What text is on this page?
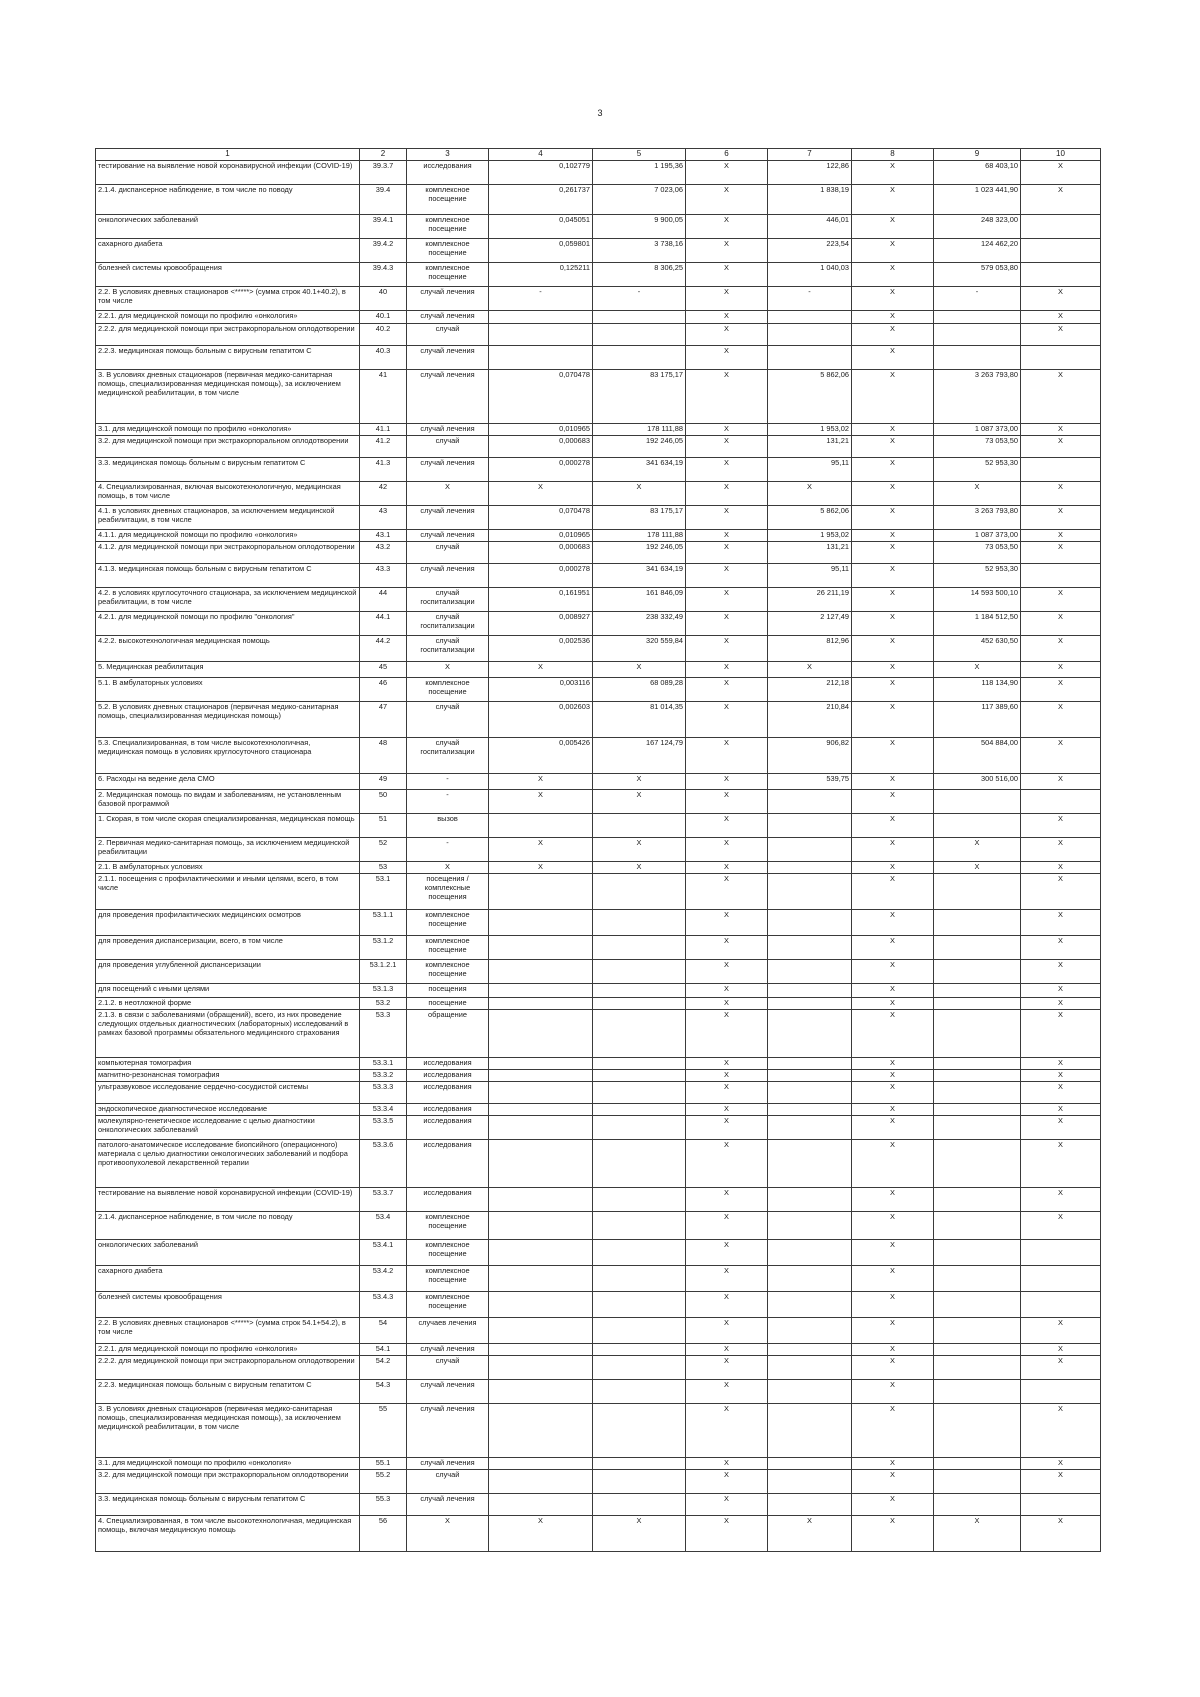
3
1	2	3	4	5	6	7	8	9	10
тестирование на выявление новой коронавирусной инфекции (COVID-19)	39.3.7	исследования	0,102779	1 195,36	X	122,86	X	68 403,10	X
2.1.4. диспансерное наблюдение, в том числе по поводу	39.4	комплексное посещение	0,261737	7 023,06	X	1 838,19	X	1 023 441,90	X
онкологических заболеваний	39.4.1	комплексное посещение	0,045051	9 900,05	X	446,01	X	248 323,00	
сахарного диабета	39.4.2	комплексное посещение	0,059801	3 738,16	X	223,54	X	124 462,20	
болезней системы кровообращения	39.4.3	комплексное посещение	0,125211	8 306,25	X	1 040,03	X	579 053,80	
2.2. В условиях дневных стационаров <*****> (сумма строк 40.1+40.2), в том числе	40	случай лечения	-	-	X	-	X	-	X
2.2.1. для медицинской помощи по профилю «онкология»	40.1	случай лечения			X		X		X
2.2.2. для медицинской помощи при экстракорпоральном оплодотворении	40.2	случай			X		X		X
2.2.3. медицинская помощь больным с вирусным гепатитом С	40.3	случай лечения			X		X		
3. В условиях дневных стационаров (первичная медико-санитарная помощь, специализированная медицинская помощь), за исключением медицинской реабилитации, в том числе	41	случай лечения	0,070478	83 175,17	X	5 862,06	X	3 263 793,80	X
3.1. для медицинской помощи по профилю «онкология»	41.1	случай лечения	0,010965	178 111,88	X	1 953,02	X	1 087 373,00	X
3.2. для медицинской помощи при экстракорпоральном оплодотворении	41.2	случай	0,000683	192 246,05	X	131,21	X	73 053,50	X
3.3. медицинская помощь больным с вирусным гепатитом С	41.3	случай лечения	0,000278	341 634,19	X	95,11	X	52 953,30	
4. Специализированная, включая высокотехнологичную, медицинская помощь, в том числе	42	X	X	X	X	X	X	X	X
4.1. в условиях дневных стационаров, за исключением медицинской реабилитации, в том числе	43	случай лечения	0,070478	83 175,17	X	5 862,06	X	3 263 793,80	X
4.1.1. для медицинской помощи по профилю «онкология»	43.1	случай лечения	0,010965	178 111,88	X	1 953,02	X	1 087 373,00	X
4.1.2. для медицинской помощи при экстракорпоральном оплодотворении	43.2	случай	0,000683	192 246,05	X	131,21	X	73 053,50	X
4.1.3. медицинская помощь больным с вирусным гепатитом С	43.3	случай лечения	0,000278	341 634,19	X	95,11	X	52 953,30	
4.2. в условиях круглосуточного стационара, за исключением медицинской реабилитации, в том числе	44	случай госпитализации	0,161951	161 846,09	X	26 211,19	X	14 593 500,10	X
4.2.1. для медицинской помощи по профилю "онкология"	44.1	случай госпитализации	0,008927	238 332,49	X	2 127,49	X	1 184 512,50	X
4.2.2. высокотехнологичная медицинская помощь	44.2	случай госпитализации	0,002536	320 559,84	X	812,96	X	452 630,50	X
5. Медицинская реабилитация	45	X	X	X	X	X	X	X	X
5.1. В амбулаторных условиях	46	комплексное посещение	0,003116	68 089,28	X	212,18	X	118 134,90	X
5.2. В условиях дневных стационаров (первичная медико-санитарная помощь, специализированная медицинская помощь)	47	случай	0,002603	81 014,35	X	210,84	X	117 389,60	X
5.3. Специализированная, в том числе высокотехнологичная, медицинская помощь в условиях круглосуточного стационара	48	случай госпитализации	0,005426	167 124,79	X	906,82	X	504 884,00	X
6. Расходы на ведение дела СМО	49	-	X	X	X	539,75	X	300 516,00	X
2. Медицинская помощь по видам и заболеваниям, не установленным базовой программой	50	-	X	X	X		X		
1. Скорая, в том числе скорая специализированная, медицинская помощь	51	вызов			X		X		X
2. Первичная медико-санитарная помощь, за исключением медицинской реабилитации	52	-	X	X	X		X	X	X
2.1. В амбулаторных условиях	53	X	X	X	X		X	X	X
2.1.1. посещения с профилактическими и иными целями, всего, в том числе	53.1	посещения / комплексные посещения			X		X		X
для проведения профилактических медицинских осмотров	53.1.1	комплексное посещение			X		X		X
для проведения диспансеризации, всего, в том числе	53.1.2	комплексное посещение			X		X		X
для проведения углубленной диспансеризации	53.1.2.1	комплексное посещение			X		X		X
для посещений с иными целями	53.1.3	посещения			X		X		X
2.1.2. в неотложной форме	53.2	посещение			X		X		X
2.1.3. в связи с заболеваниями (обращений), всего, из них проведение следующих отдельных диагностических (лабораторных) исследований в рамках базовой программы обязательного медицинского страхования	53.3	обращение			X		X		X
компьютерная томография	53.3.1	исследования			X		X		X
магнитно-резонансная томография	53.3.2	исследования			X		X		X
ультразвуковое исследование сердечно-сосудистой системы	53.3.3	исследования			X		X		X
эндоскопическое диагностическое исследование	53.3.4	исследования			X		X		X
молекулярно-генетическое исследование с целью диагностики онкологических заболеваний	53.3.5	исследования			X		X		X
патолого-анатомическое исследование биопсийного (операционного) материала с целью диагностики онкологических заболеваний и подбора противоопухолевой лекарственной терапии	53.3.6	исследования			X		X		X
тестирование на выявление новой коронавирусной инфекции (COVID-19)	53.3.7	исследования			X		X		X
2.1.4. диспансерное наблюдение, в том числе по поводу	53.4	комплексное посещение			X		X		X
онкологических заболеваний	53.4.1	комплексное посещение			X		X		
сахарного диабета	53.4.2	комплексное посещение			X		X		
болезней системы кровообращения	53.4.3	комплексное посещение			X		X		
2.2. В условиях дневных стационаров <*****> (сумма строк 54.1+54.2), в том числе	54	случаев лечения			X		X		X
2.2.1. для медицинской помощи по профилю «онкология»	54.1	случай лечения			X		X		X
2.2.2. для медицинской помощи при экстракорпоральном оплодотворении	54.2	случай			X		X		X
2.2.3. медицинская помощь больным с вирусным гепатитом С	54.3	случай лечения			X		X		
3. В условиях дневных стационаров (первичная медико-санитарная помощь, специализированная медицинская помощь), за исключением медицинской реабилитации, в том числе	55	случай лечения			X		X		X
3.1. для медицинской помощи по профилю «онкология»	55.1	случай лечения			X		X		X
3.2. для медицинской помощи при экстракорпоральном оплодотворении	55.2	случай			X		X		X
3.3. медицинская помощь больным с вирусным гепатитом С	55.3	случай лечения			X		X		
4. Специализированная, в том числе высокотехнологичная, медицинская помощь, включая медицинскую помощь	56	X	X	X	X	X	X	X	X
